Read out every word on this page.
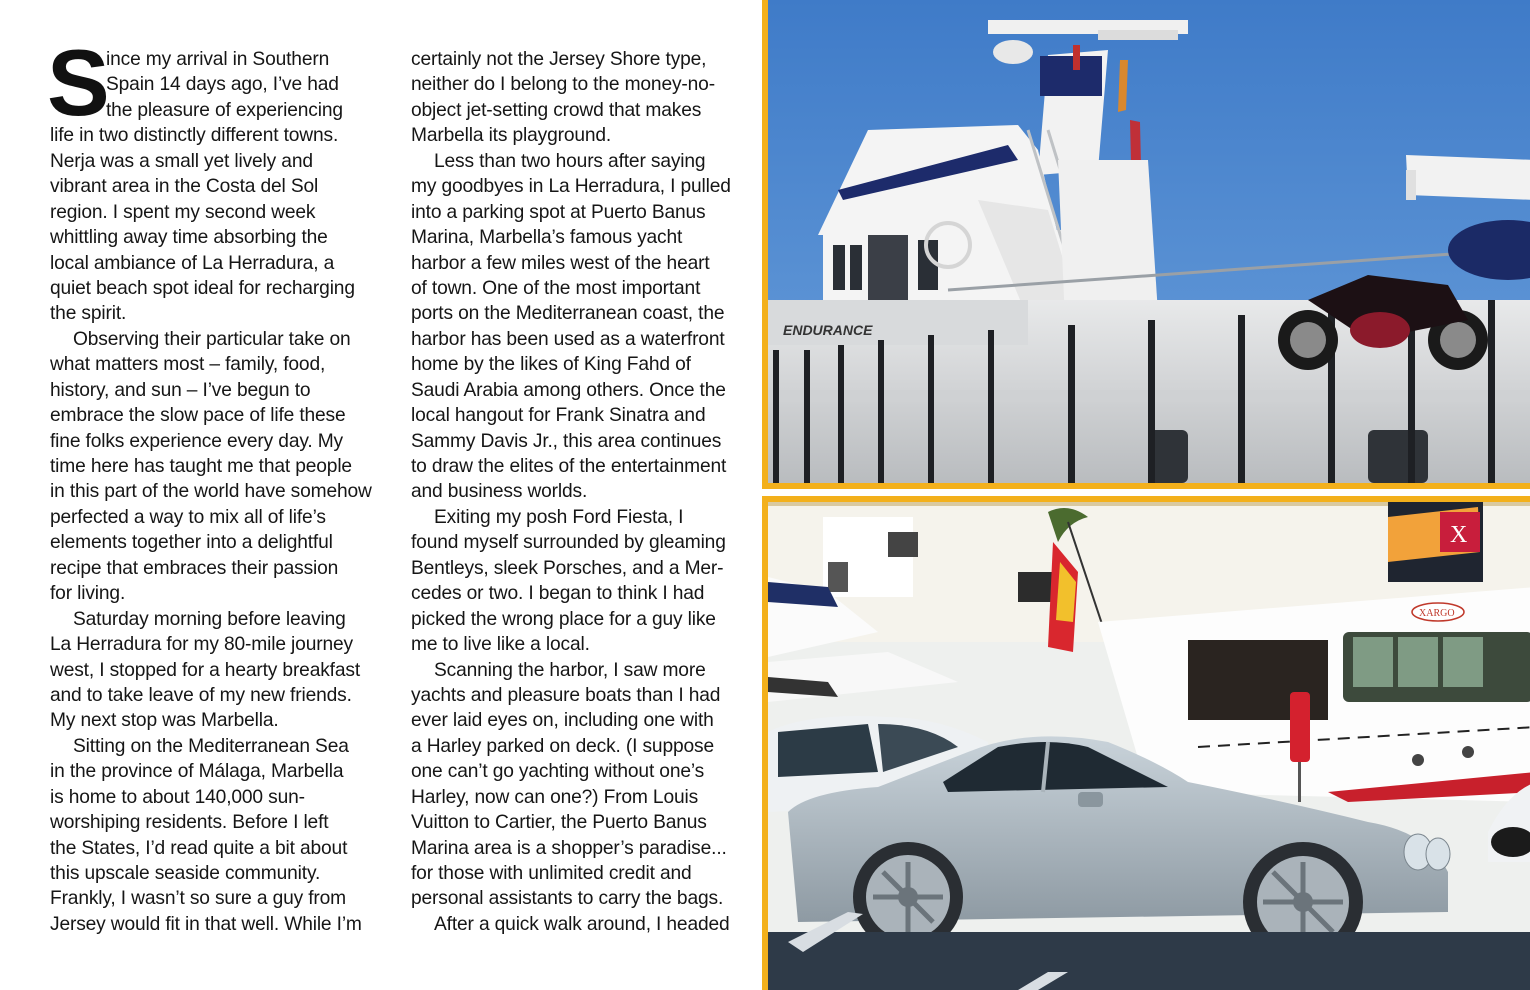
S
ince my arrival in Southern
Spain 14 days ago, I’ve had
the pleasure of experiencing
life in two distinctly different towns.
Nerja was a small yet lively and
vibrant area in the Costa del Sol
region. I spent my second week
whittling away time absorbing the
local ambiance of La Herradura, a
quiet beach spot ideal for recharging
the spirit.
Observing their particular take on
what matters most – family, food,
history, and sun – I’ve begun to
embrace the slow pace of life these
fine folks experience every day. My
time here has taught me that people
in this part of the world have somehow
perfected a way to mix all of life’s
elements together into a delightful
recipe that embraces their passion
for living.
Saturday morning before leaving
La Herradura for my 80-mile journey
west, I stopped for a hearty breakfast
and to take leave of my new friends.
My next stop was Marbella.
Sitting on the Mediterranean Sea
in the province of Málaga, Marbella
is home to about 140,000 sun-
worshiping residents. Before I left
the States, I’d read quite a bit about
this upscale seaside community.
Frankly, I wasn’t so sure a guy from
Jersey would fit in that well. While I’m
certainly not the Jersey Shore type,
neither do I belong to the money-no-
object jet-setting crowd that makes
Marbella its playground.
Less than two hours after saying
my goodbyes in La Herradura, I pulled
into a parking spot at Puerto Banus
Marina, Marbella’s famous yacht
harbor a few miles west of the heart
of town. One of the most important
ports on the Mediterranean coast, the
harbor has been used as a waterfront
home by the likes of King Fahd of
Saudi Arabia among others. Once the
local hangout for Frank Sinatra and
Sammy Davis Jr., this area continues
to draw the elites of the entertainment
and business worlds.
Exiting my posh Ford Fiesta, I
found myself surrounded by gleaming
Bentleys, sleek Porsches, and a Mer-
cedes or two. I began to think I had
picked the wrong place for a guy like
me to live like a local.
Scanning the harbor, I saw more
yachts and pleasure boats than I had
ever laid eyes on, including one with
a Harley parked on deck. (I suppose
one can’t go yachting without one’s
Harley, now can one?) From Louis
Vuitton to Cartier, the Puerto Banus
Marina area is a shopper’s paradise...
for those with unlimited credit and
personal assistants to carry the bags.
After a quick walk around, I headed
ENDURANCE
X
XARGO
